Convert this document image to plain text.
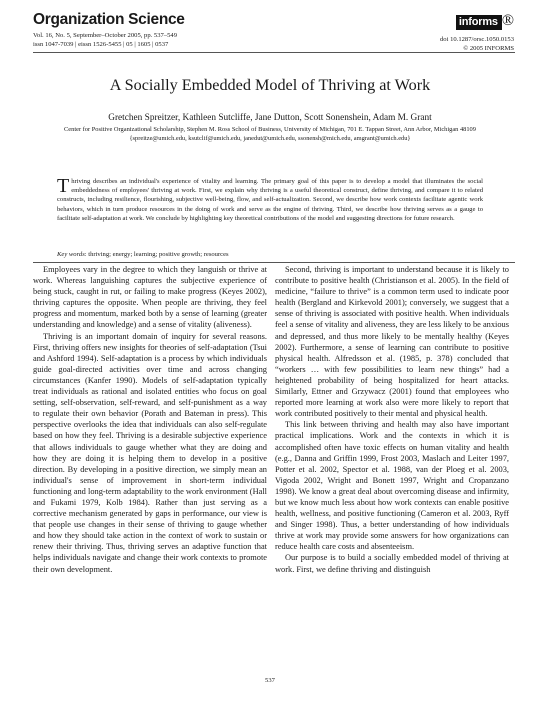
Organization Science
Vol. 16, No. 5, September–October 2005, pp. 537–549
issn 1047-7039 | eissn 1526-5455 | 05 | 1605 | 0537
informs ®
doi 10.1287/orsc.1050.0153
© 2005 INFORMS
A Socially Embedded Model of Thriving at Work
Gretchen Spreitzer, Kathleen Sutcliffe, Jane Dutton, Scott Sonenshein, Adam M. Grant
Center for Positive Organizational Scholarship, Stephen M. Ross School of Business, University of Michigan, 701 E. Tappan Street, Ann Arbor, Michigan 48109
{spreitze@umich.edu, ksutclif@umich.edu, janedut@umich.edu, ssonensh@mich.edu, amgrant@umich.edu}
Thriving describes an individual's experience of vitality and learning. The primary goal of this paper is to develop a model that illuminates the social embeddedness of employees' thriving at work. First, we explain why thriving is a useful theoretical construct, define thriving, and compare it to related constructs, including resilience, flourishing, subjective well-being, flow, and self-actualization. Second, we describe how work contexts facilitate agentic work behaviors, which in turn produce resources in the doing of work and serve as the engine of thriving. Third, we describe how thriving serves as a gauge to facilitate self-adaptation at work. We conclude by highlighting key theoretical contributions of the model and suggesting directions for future research.
Key words: thriving; energy; learning; positive growth; resources

Employees vary in the degree to which they languish or thrive at work. Whereas languishing captures the subjective experience of being stuck, caught in rut, or failing to make progress (Keyes 2002), thriving captures the opposite. When people are thriving, they feel progress and momentum, marked both by a sense of learning (greater understanding and knowledge) and a sense of vitality (aliveness).

Thriving is an important domain of inquiry for several reasons. First, thriving offers new insights for theories of self-adaptation (Tsui and Ashford 1994). Self-adaptation is a process by which individuals guide goal-directed activities over time and across changing circumstances (Kanfer 1990). Models of self-adaptation typically treat individuals as rational and isolated entities who focus on goal setting, self-observation, self-reward, and self-punishment as a way to regulate their own behavior (Porath and Bateman in press). This perspective overlooks the idea that individuals can also self-regulate based on how they feel. Thriving is a desirable subjective experience that allows individuals to gauge whether what they are doing and how they are doing it is helping them to develop in a positive direction. By developing in a positive direction, we simply mean an individual's sense of improvement in short-term individual functioning and long-term adaptability to the work environment (Hall and Fukami 1979, Kolb 1984). Rather than just serving as a corrective mechanism generated by gaps in performance, our view is that people use changes in their sense of thriving to gauge whether and how they should take action in the context of work to sustain or renew their thriving. Thus, thriving serves an adaptive function that helps individuals navigate and change their work contexts to promote their own development.

Second, thriving is important to understand because it is likely to contribute to positive health (Christianson et al. 2005). In the field of medicine, “failure to thrive” is a common term used to indicate poor health (Bergland and Kirkevold 2001); conversely, we suggest that a sense of thriving is associated with positive health. When individuals feel a sense of vitality and aliveness, they are less likely to be anxious and depressed, and thus more likely to be mentally healthy (Keyes 2002). Furthermore, a sense of learning can contribute to positive physical health. Alfredsson et al. (1985, p. 378) concluded that “workers … with few possibilities to learn new things” had a heightened probability of being hospitalized for heart attacks. Similarly, Ettner and Grzywacz (2001) found that employees who reported more learning at work also were more likely to report that work contributed positively to their mental and physical health.

This link between thriving and health may also have important practical implications. Work and the contexts in which it is accomplished often have toxic effects on human vitality and health (e.g., Danna and Griffin 1999, Frost 2003, Maslach and Leiter 1997, Potter et al. 2002, Spector et al. 1988, van der Ploeg et al. 2003, Vigoda 2002, Wright and Bonett 1997, Wright and Cropanzano 1998). We know a great deal about overcoming disease and infirmity, but we know much less about how work contexts can enable positive health, wellness, and positive functioning (Cameron et al. 2003, Ryff and Singer 1998). Thus, a better understanding of how individuals thrive at work may provide some answers for how organizations can reduce health care costs and absenteeism.

Our purpose is to build a socially embedded model of thriving at work. First, we define thriving and distinguish

537
